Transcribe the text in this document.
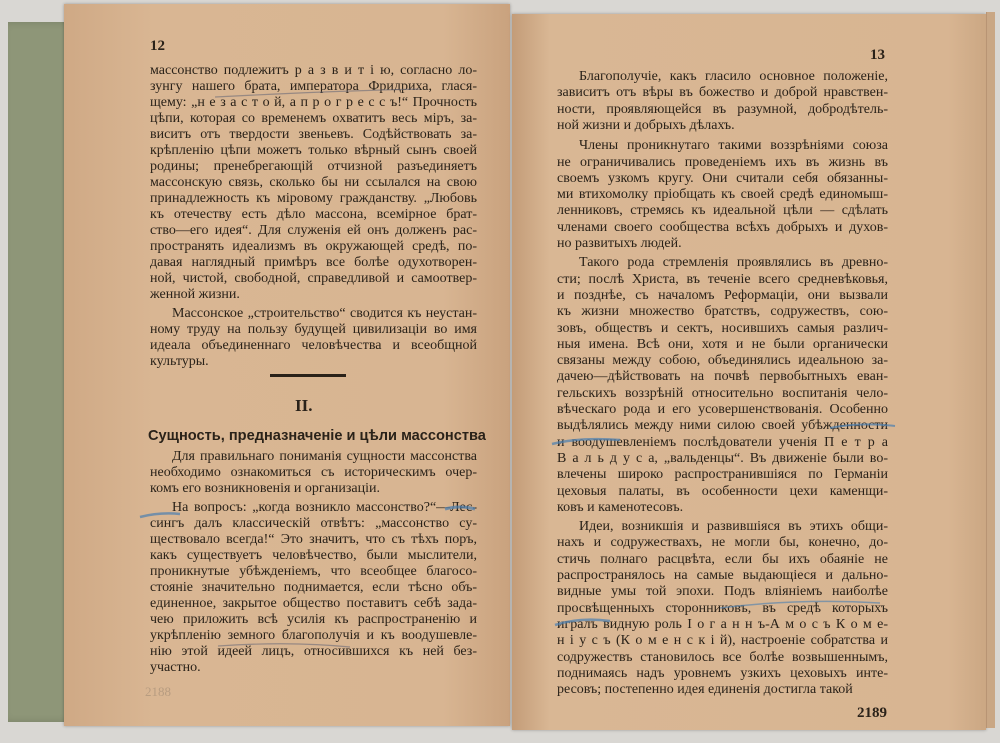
12
массонство подлежитъ р а з в и т i ю, согласно ло-
зунгу нашего брата, императора Фридриха, глася-
щему: „н е з а с т о й, а п р о г р е с с ъ!“ Прочность
цѣпи, которая со временемъ охватитъ весь мiръ, за-
виситъ отъ твердости звеньевъ. Содѣйствовать за-
крѣпленiю цѣпи можетъ только вѣрный сынъ своей
родины; пренебрегающiй отчизной разъединяетъ
массонскую связь, сколько бы ни ссылался на свою
принадлежность къ мiровому гражданству. „Любовь
къ отечеству есть дѣло массона, всемiрное брат-
ство—его идея“. Для служенiя ей онъ долженъ рас-
пространять идеализмъ въ окружающей средѣ, по-
давая наглядный примѣръ все болѣе одухотворен-
ной, чистой, свободной, справедливой и самоотвер-
женной жизни.
Массонское „строительство“ сводится къ неустан-
ному труду на пользу будущей цивилизацiи во имя
идеала объединеннаго человѣчества и всеобщной
культуры.
II.
Сущность, предназначенiе и цѣли массонства
Для правильнаго пониманiя сущности массонства
необходимо ознакомиться съ историческимъ очер-
комъ его возникновенiя и организацiи.
На вопросъ: „когда возникло массонство?“—Лес-
сингъ далъ классическiй отвѣтъ: „массонство су-
ществовало всегда!“ Это значитъ, что съ тѣхъ поръ,
какъ существуетъ человѣчество, были мыслители,
проникнутые убѣжденiемъ, что всеобщее благосо-
стоянiе значительно поднимается, если тѣсно объ-
единенное, закрытое общество поставитъ себѣ зада-
чею приложить всѣ усилiя къ распространенiю и
укрѣпленiю земного благополучiя и къ воодушевле-
нiю этой идеей лицъ, относившихся къ ней без-
участно.
2188
13
Благополучiе, какъ гласило основное положенiе,
зависитъ отъ вѣры въ божество и доброй нравствен-
ности, проявляющейся въ разумной, добродѣтель-
ной жизни и добрыхъ дѣлахъ.
Члены проникнутаго такими воззрѣнiями союза
не ограничивались проведенiемъ ихъ въ жизнь въ
своемъ узкомъ кругу. Они считали себя обязанны-
ми втихомолку прiобщать къ своей средѣ единомыш-
ленниковъ, стремясь къ идеальной цѣли — сдѣлать
членами своего сообщества всѣхъ добрыхъ и духов-
но развитыхъ людей.
Такого рода стремленiя проявлялись въ древно-
сти; послѣ Христа, въ теченiе всего средневѣковья,
и позднѣе, съ началомъ Реформацiи, они вызвали
къ жизни множество братствъ, содружествъ, сою-
зовъ, обществъ и сектъ, носившихъ самыя различ-
ныя имена. Всѣ они, хотя и не были органически
связаны между собою, объединялись идеальною за-
дачею—дѣйствовать на почвѣ первобытныхъ еван-
гельскихъ воззрѣнiй относительно воспитанiя чело-
вѣческаго рода и его усовершенствованiя. Особенно
выдѣлялись между ними силою своей убѣжденности
и воодушевленiемъ послѣдователи ученiя П е т р а
В а л ь д у с а, „вальденцы“. Въ движенiе были во-
влечены широко распространившiяся по Германiи
цеховыя палаты, въ особенности цехи каменщи-
ковъ и каменотесовъ.
Идеи, возникшiя и развившiяся въ этихъ общи-
нахъ и содружествахъ, не могли бы, конечно, до-
стичь полнаго расцвѣта, если бы ихъ обаянiе не
распространялось на самые выдающiеся и дально-
видные умы той эпохи. Подъ влiянiемъ наиболѣе
просвѣщенныхъ сторонниковъ, въ средѣ которыхъ
игралъ видную роль I о г а н н ъ-А м о с ъ К о м е-
н i у с ъ (К о м е н с к i й), настроенiе собратства и
содружествъ становилось все болѣе возвышеннымъ,
поднимаясь надъ уровнемъ узкихъ цеховыхъ инте-
ресовъ; постепенно идея единенiя достигла такой
2189
